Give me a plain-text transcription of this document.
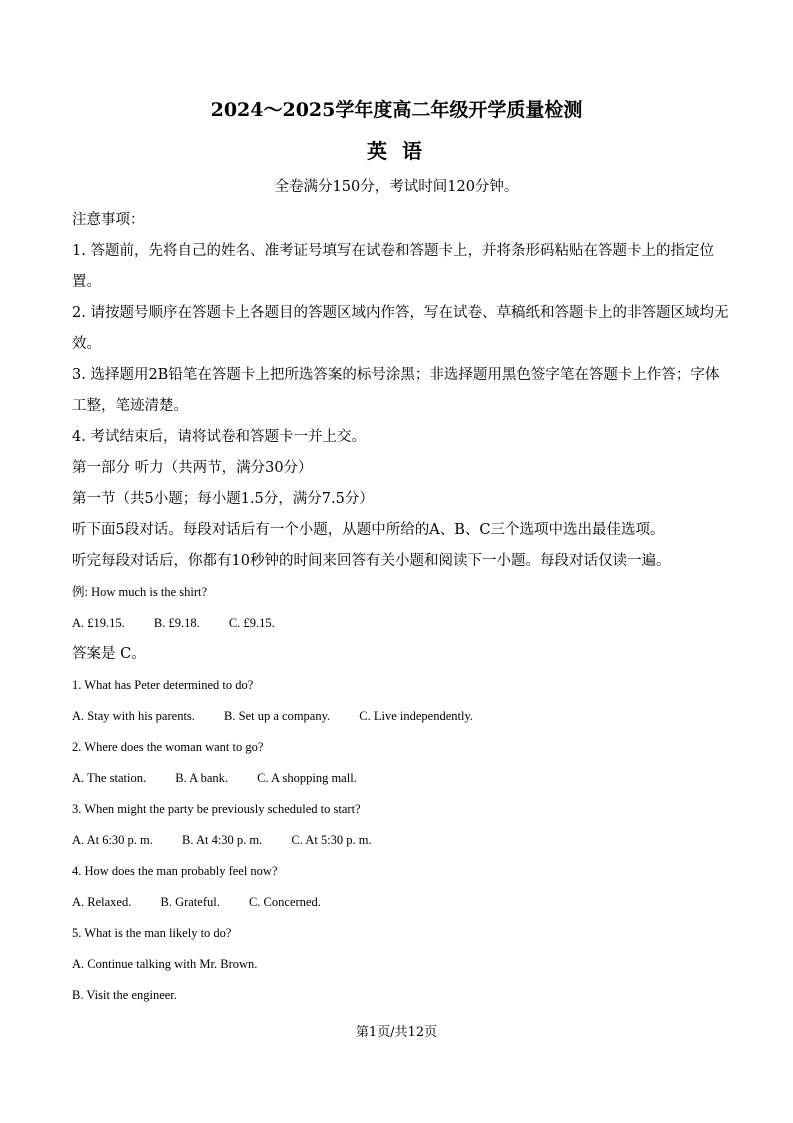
2024～2025学年度高二年级开学质量检测
英 语
全卷满分150分，考试时间120分钟。

注意事项：

1. 答题前，先将自己的姓名、准考证号填写在试卷和答题卡上，并将条形码粘贴在答题卡上的指定位置。

2. 请按题号顺序在答题卡上各题目的答题区域内作答，写在试卷、草稿纸和答题卡上的非答题区域均无效。

3. 选择题用2B铅笔在答题卡上把所选答案的标号涂黑；非选择题用黑色签字笔在答题卡上作答；字体工整，笔迹清楚。

4. 考试结束后，请将试卷和答题卡一并上交。

第一部分 听力（共两节，满分30分）

第一节（共5小题；每小题1.5分，满分7.5分）

听下面5段对话。每段对话后有一个小题，从题中所给的A、B、C三个选项中选出最佳选项。

听完每段对话后，你都有10秒钟的时间来回答有关小题和阅读下一小题。每段对话仅读一遍。

例: How much is the shirt?

A. £19.15. B. £9.18. C. £9.15.

答案是 C。

1. What has Peter determined to do?

A. Stay with his parents. B. Set up a company. C. Live independently.

2. Where does the woman want to go?

A. The station. B. A bank. C. A shopping mall.

3. When might the party be previously scheduled to start?

A. At 6:30 p. m. B. At 4:30 p. m. C. At 5:30 p. m.

4. How does the man probably feel now?

A. Relaxed. B. Grateful. C. Concerned.

5. What is the man likely to do?

A. Continue talking with Mr. Brown.

B. Visit the engineer.

第1页/共12页
